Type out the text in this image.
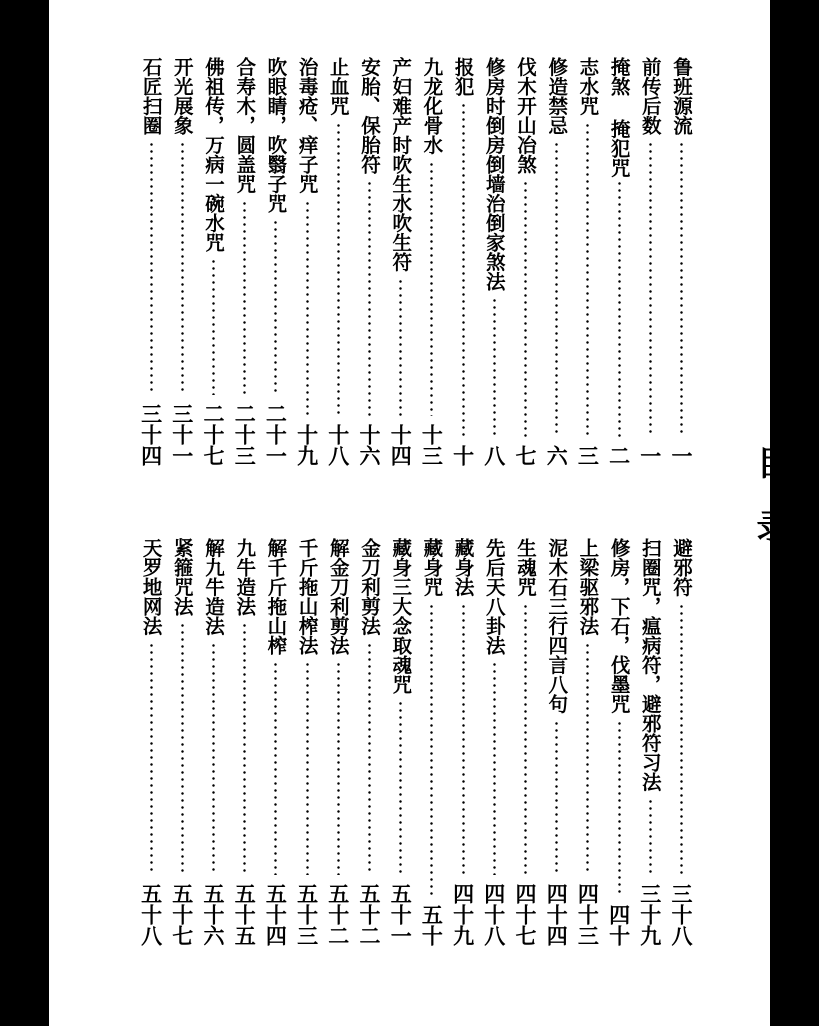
目录
鲁班源流
一
前传后数
一
掩煞 掩犯咒
二
志水咒
三
修造禁忌
六
伐木开山冶煞
七
修房时倒房倒墙治倒家煞法
八
报犯
十
九龙化骨水
十三
产妇难产时吹生水吹生符
十四
安胎、保胎符
十六
止血咒
十八
治毒疮、痒子咒
十九
吹眼睛，吹翳子咒
二十一
合寿木，圆盖咒
二十三
佛祖传，万病一碗水咒
二十七
开光展象
三十一
石匠扫圈
三十四
避邪符
三十八
扫圈咒，瘟病符，避邪符习法
三十九
修房，下石，伐墨咒
四十
上梁驱邪法
四十三
泥木石三行四言八句
四十四
生魂咒
四十七
先后天八卦法
四十八
藏身法
四十九
藏身咒
五十
藏身三大念取魂咒
五十一
金刀利剪法
五十二
解金刀利剪法
五十二
千斤拖山榨法
五十三
解千斤拖山榨
五十四
九牛造法
五十五
解九牛造法
五十六
紧箍咒法
五十七
天罗地网法
五十八
